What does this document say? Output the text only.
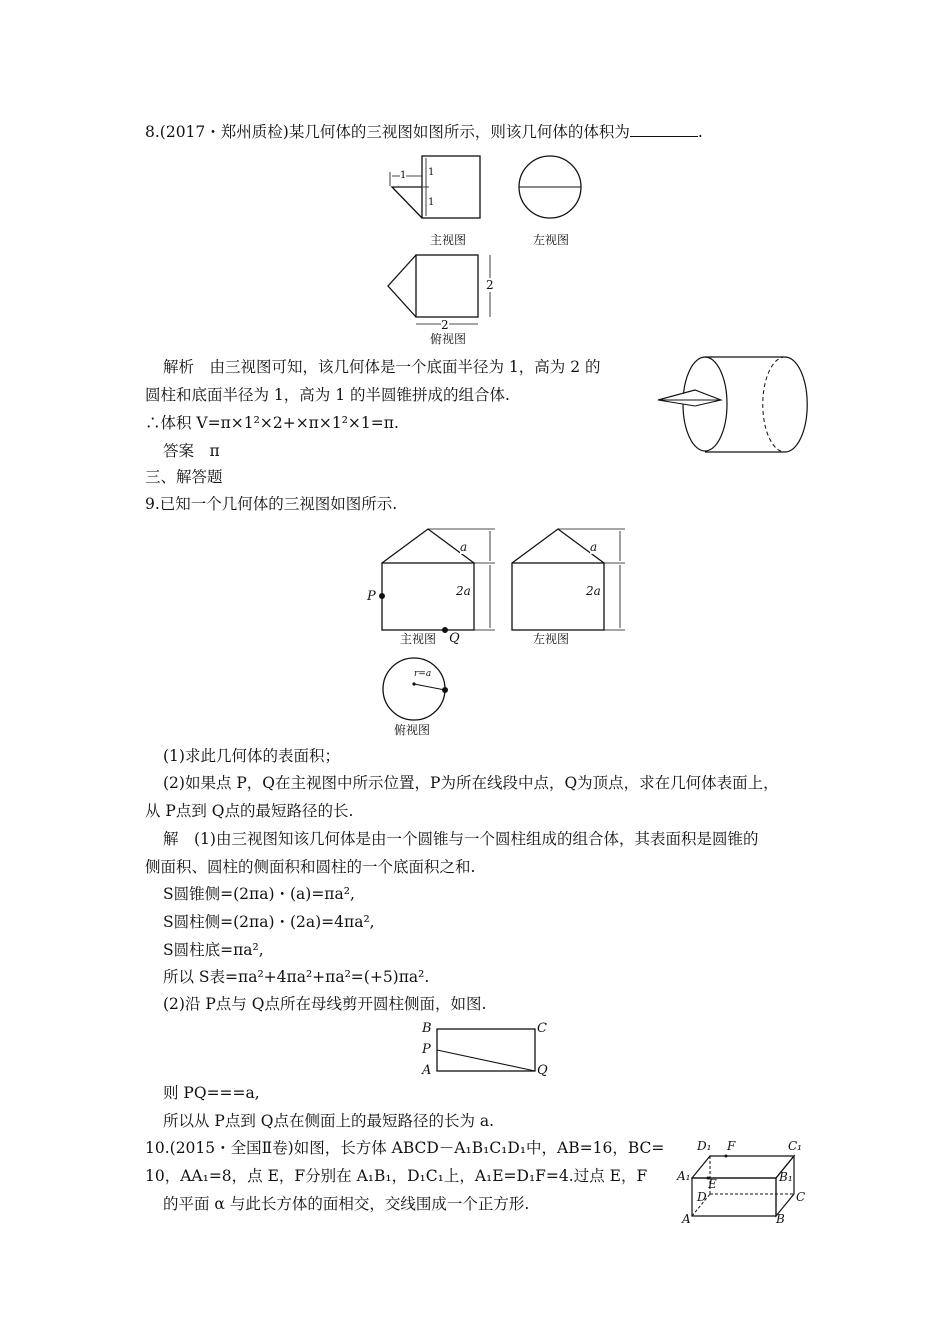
8.(2017・郑州质检)某几何体的三视图如图所示，则该几何体的体积为	.
1 1
1
主视图	左视图
2
2
俯视图
解析　由三视图可知，该几何体是一个底面半径为 1，高为 2 的
圆柱和底面半径为 1，高为 1 的半圆锥拼成的组合体.
∴体积 V=π×1²×2+×π×1²×1=π.
答案　π
三、解答题
9.已知一个几何体的三视图如图所示.
a
2a
P
Q
主视图
a
2a
左视图
r=a
俯视图
(1)求此几何体的表面积；
(2)如果点 P，Q在主视图中所示位置，P为所在线段中点，Q为顶点，求在几何体表面上，
从 P点到 Q点的最短路径的长.
解　(1)由三视图知该几何体是由一个圆锥与一个圆柱组成的组合体，其表面积是圆锥的
侧面积、圆柱的侧面积和圆柱的一个底面积之和.
S圆锥侧=(2πa)・(a)=πa²,
S圆柱侧=(2πa)・(2a)=4πa²,
S圆柱底=πa²,
所以 S表=πa²+4πa²+πa²=(+5)πa².
(2)沿 P点与 Q点所在母线剪开圆柱侧面，如图.
B	C
P
A	Q
则 PQ===a,
所以从 P点到 Q点在侧面上的最短路径的长为 a.
10.(2015・全国Ⅱ卷)如图，长方体 ABCD－A₁B₁C₁D₁中，AB=16，BC=
10，AA₁=8，点 E，F分别在 A₁B₁，D₁C₁上，A₁E=D₁F=4.过点 E，F
的平面 α 与此长方体的面相交，交线围成一个正方形.
D₁ F	C₁
A₁
E	B₁
D	C
A	B
